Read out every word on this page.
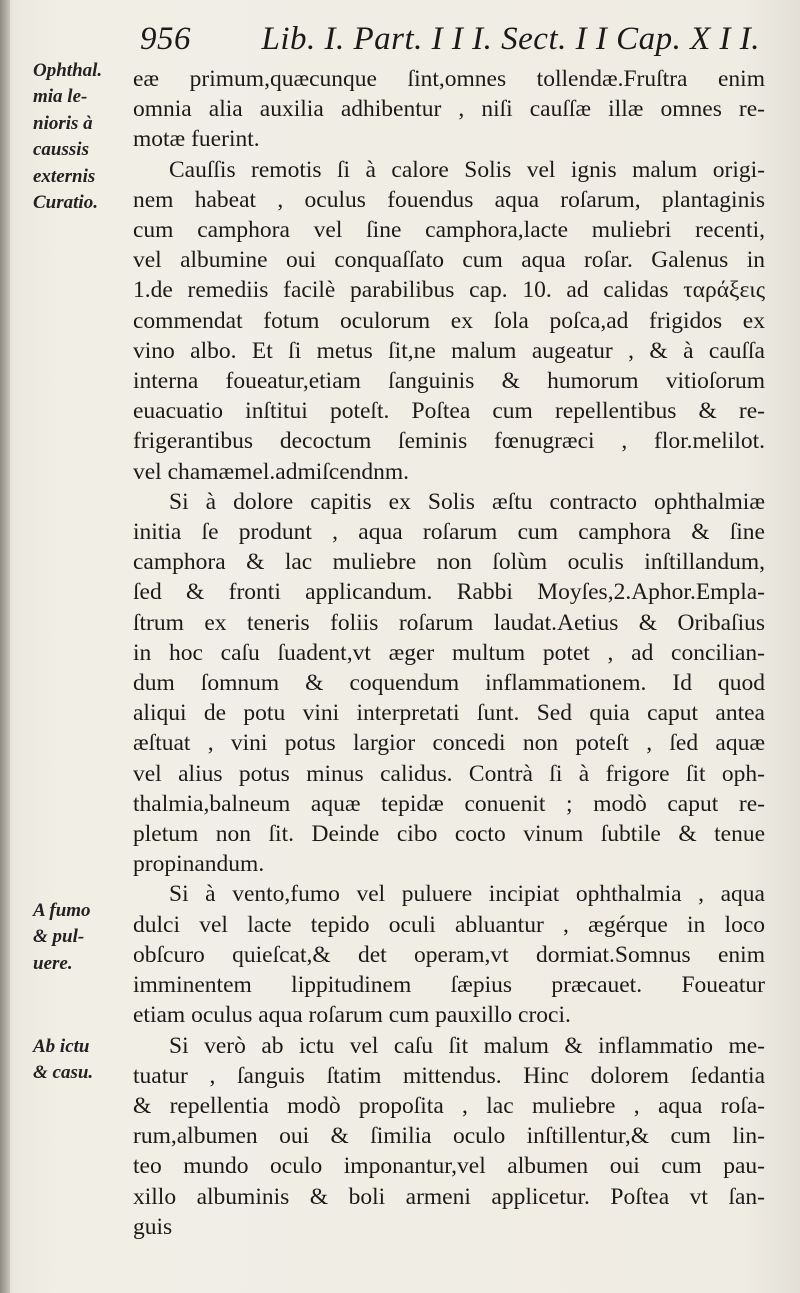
956 Lib. I. Part. I I I. Sect. I I Cap. X I I.
Ophthal.
mia le-
nioris à
caussis
externis
Curatio.
A fumo
& pul-
uere.
Ab ictu
& casu.
eæ primum,quæcunque ſint,omnes tollendæ.Fruſtra enim
omnia alia auxilia adhibentur , niſi cauſſæ illæ omnes re-
motæ fuerint.
Cauſſis remotis ſi à calore Solis vel ignis malum origi-
nem habeat , oculus fouendus aqua roſarum, plantaginis
cum camphora vel ſine camphora,lacte muliebri recenti,
vel albumine oui conquaſſato cum aqua roſar. Galenus in
1.de remediis facilè parabilibus cap. 10. ad calidas ταράξεις
commendat fotum oculorum ex ſola poſca,ad frigidos ex
vino albo. Et ſi metus ſit,ne malum augeatur , & à cauſſa
interna foueatur,etiam ſanguinis & humorum vitioſorum
euacuatio inſtitui poteſt. Poſtea cum repellentibus & re-
frigerantibus decoctum ſeminis fœnugræci , flor.melilot.
vel chamæmel.admiſcendnm.
Si à dolore capitis ex Solis æſtu contracto ophthalmiæ
initia ſe produnt , aqua roſarum cum camphora & ſine
camphora & lac muliebre non ſolùm oculis inſtillandum,
ſed & fronti applicandum. Rabbi Moyſes,2.Aphor.Empla-
ſtrum ex teneris foliis roſarum laudat.Aetius & Oribaſius
in hoc caſu ſuadent,vt æger multum potet , ad concilian-
dum ſomnum & coquendum inflammationem. Id quod
aliqui de potu vini interpretati ſunt. Sed quia caput antea
æſtuat , vini potus largior concedi non poteſt , ſed aquæ
vel alius potus minus calidus. Contrà ſi à frigore ſit oph-
thalmia,balneum aquæ tepidæ conuenit ; modò caput re-
pletum non ſit. Deinde cibo cocto vinum ſubtile & tenue
propinandum.
Si à vento,fumo vel puluere incipiat ophthalmia , aqua
dulci vel lacte tepido oculi abluantur , ægérque in loco
obſcuro quieſcat,& det operam,vt dormiat.Somnus enim
imminentem lippitudinem ſæpius præcauet. Foueatur
etiam oculus aqua roſarum cum pauxillo croci.
Si verò ab ictu vel caſu ſit malum & inflammatio me-
tuatur , ſanguis ſtatim mittendus. Hinc dolorem ſedantia
& repellentia modò propoſita , lac muliebre , aqua roſa-
rum,albumen oui & ſimilia oculo inſtillentur,& cum lin-
teo mundo oculo imponantur,vel albumen oui cum pau-
xillo albuminis & boli armeni applicetur. Poſtea vt ſan-
guis
